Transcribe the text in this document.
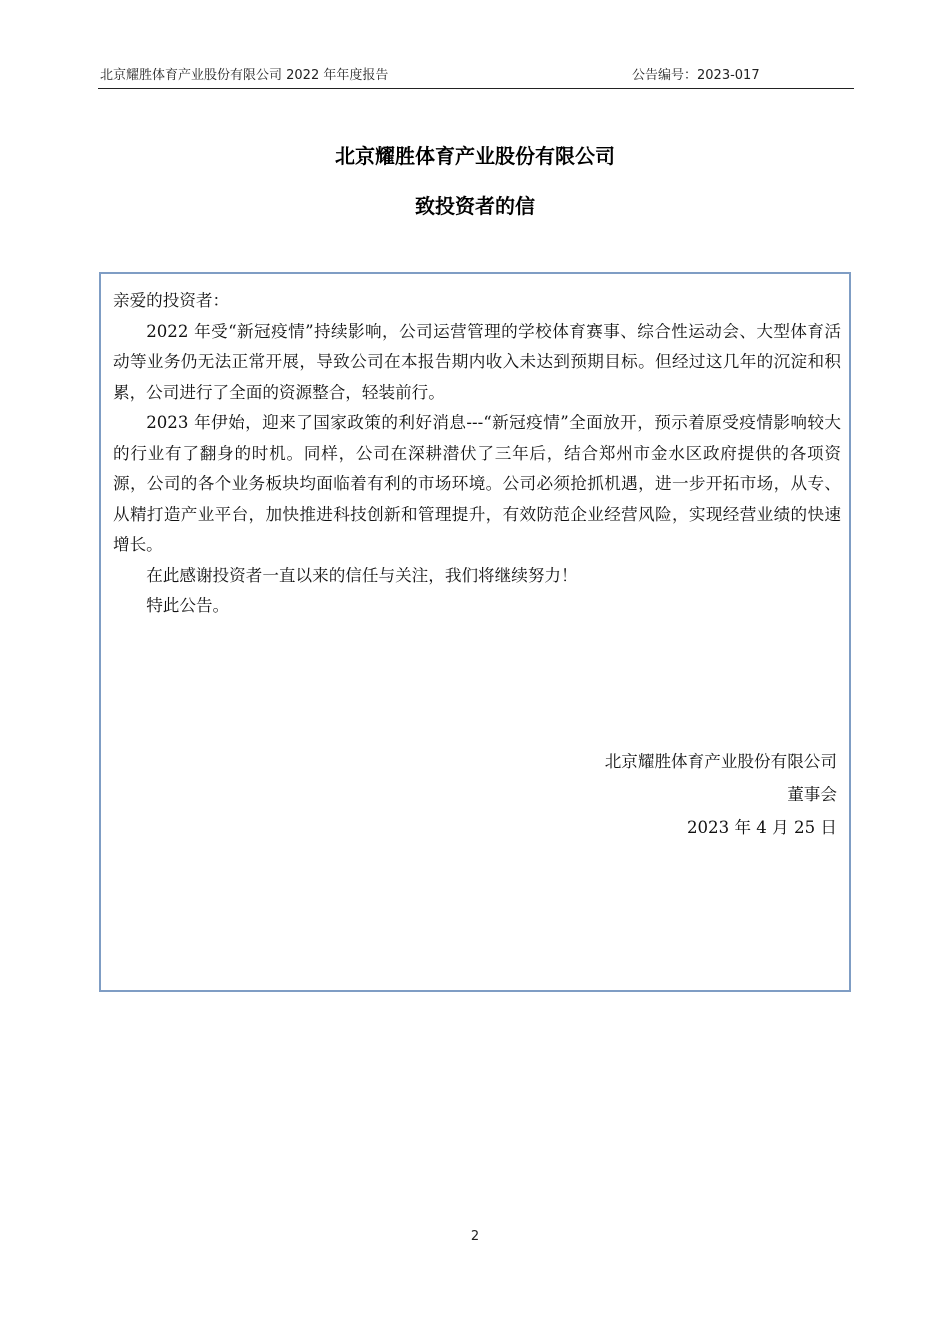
北京耀胜体育产业股份有限公司 2022 年年度报告	公告编号：2023-017
北京耀胜体育产业股份有限公司
致投资者的信

亲爱的投资者：

2022 年受“新冠疫情”持续影响，公司运营管理的学校体育赛事、综合性运动会、大型体育活动等业务仍无法正常开展，导致公司在本报告期内收入未达到预期目标。但经过这几年的沉淀和积累，公司进行了全面的资源整合，轻装前行。

2023 年伊始，迎来了国家政策的利好消息---“新冠疫情”全面放开，预示着原受疫情影响较大的行业有了翻身的时机。同样，公司在深耕潜伏了三年后，结合郑州市金水区政府提供的各项资源，公司的各个业务板块均面临着有利的市场环境。公司必须抢抓机遇，进一步开拓市场，从专、从精打造产业平台，加快推进科技创新和管理提升，有效防范企业经营风险，实现经营业绩的快速增长。

在此感谢投资者一直以来的信任与关注，我们将继续努力！

特此公告。

北京耀胜体育产业股份有限公司
董事会
2023 年 4 月 25 日
2
